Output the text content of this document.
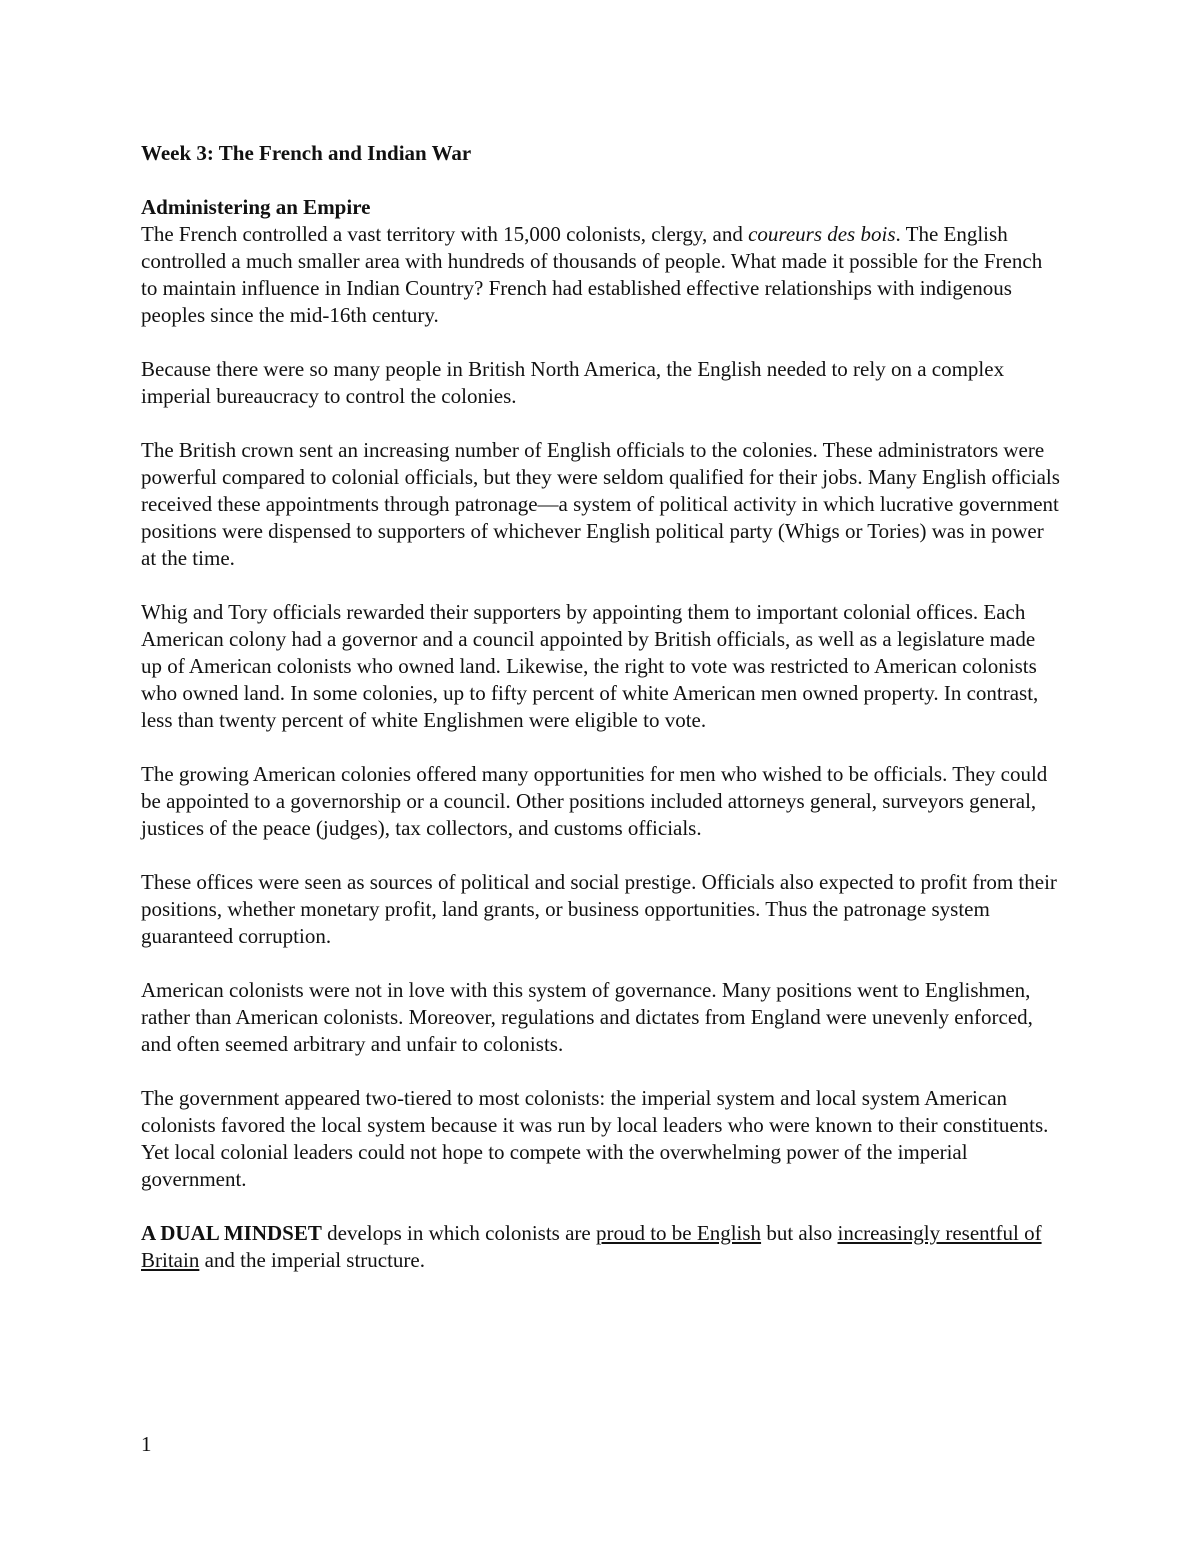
Week 3: The French and Indian War

Administering an Empire

The French controlled a vast territory with 15,000 colonists, clergy, and coureurs des bois. The English controlled a much smaller area with hundreds of thousands of people. What made it possible for the French to maintain influence in Indian Country? French had established effective relationships with indigenous peoples since the mid-16th century.

Because there were so many people in British North America, the English needed to rely on a complex imperial bureaucracy to control the colonies.

The British crown sent an increasing number of English officials to the colonies. These administrators were powerful compared to colonial officials, but they were seldom qualified for their jobs. Many English officials received these appointments through patronage—a system of political activity in which lucrative government positions were dispensed to supporters of whichever English political party (Whigs or Tories) was in power at the time.

Whig and Tory officials rewarded their supporters by appointing them to important colonial offices. Each American colony had a governor and a council appointed by British officials, as well as a legislature made up of American colonists who owned land. Likewise, the right to vote was restricted to American colonists who owned land. In some colonies, up to fifty percent of white American men owned property. In contrast, less than twenty percent of white Englishmen were eligible to vote.

The growing American colonies offered many opportunities for men who wished to be officials. They could be appointed to a governorship or a council. Other positions included attorneys general, surveyors general, justices of the peace (judges), tax collectors, and customs officials.

These offices were seen as sources of political and social prestige. Officials also expected to profit from their positions, whether monetary profit, land grants, or business opportunities. Thus the patronage system guaranteed corruption.

American colonists were not in love with this system of governance. Many positions went to Englishmen, rather than American colonists. Moreover, regulations and dictates from England were unevenly enforced, and often seemed arbitrary and unfair to colonists.

The government appeared two-tiered to most colonists: the imperial system and local system American colonists favored the local system because it was run by local leaders who were known to their constituents. Yet local colonial leaders could not hope to compete with the overwhelming power of the imperial government.

A DUAL MINDSET develops in which colonists are proud to be English but also increasingly resentful of Britain and the imperial structure.

1
